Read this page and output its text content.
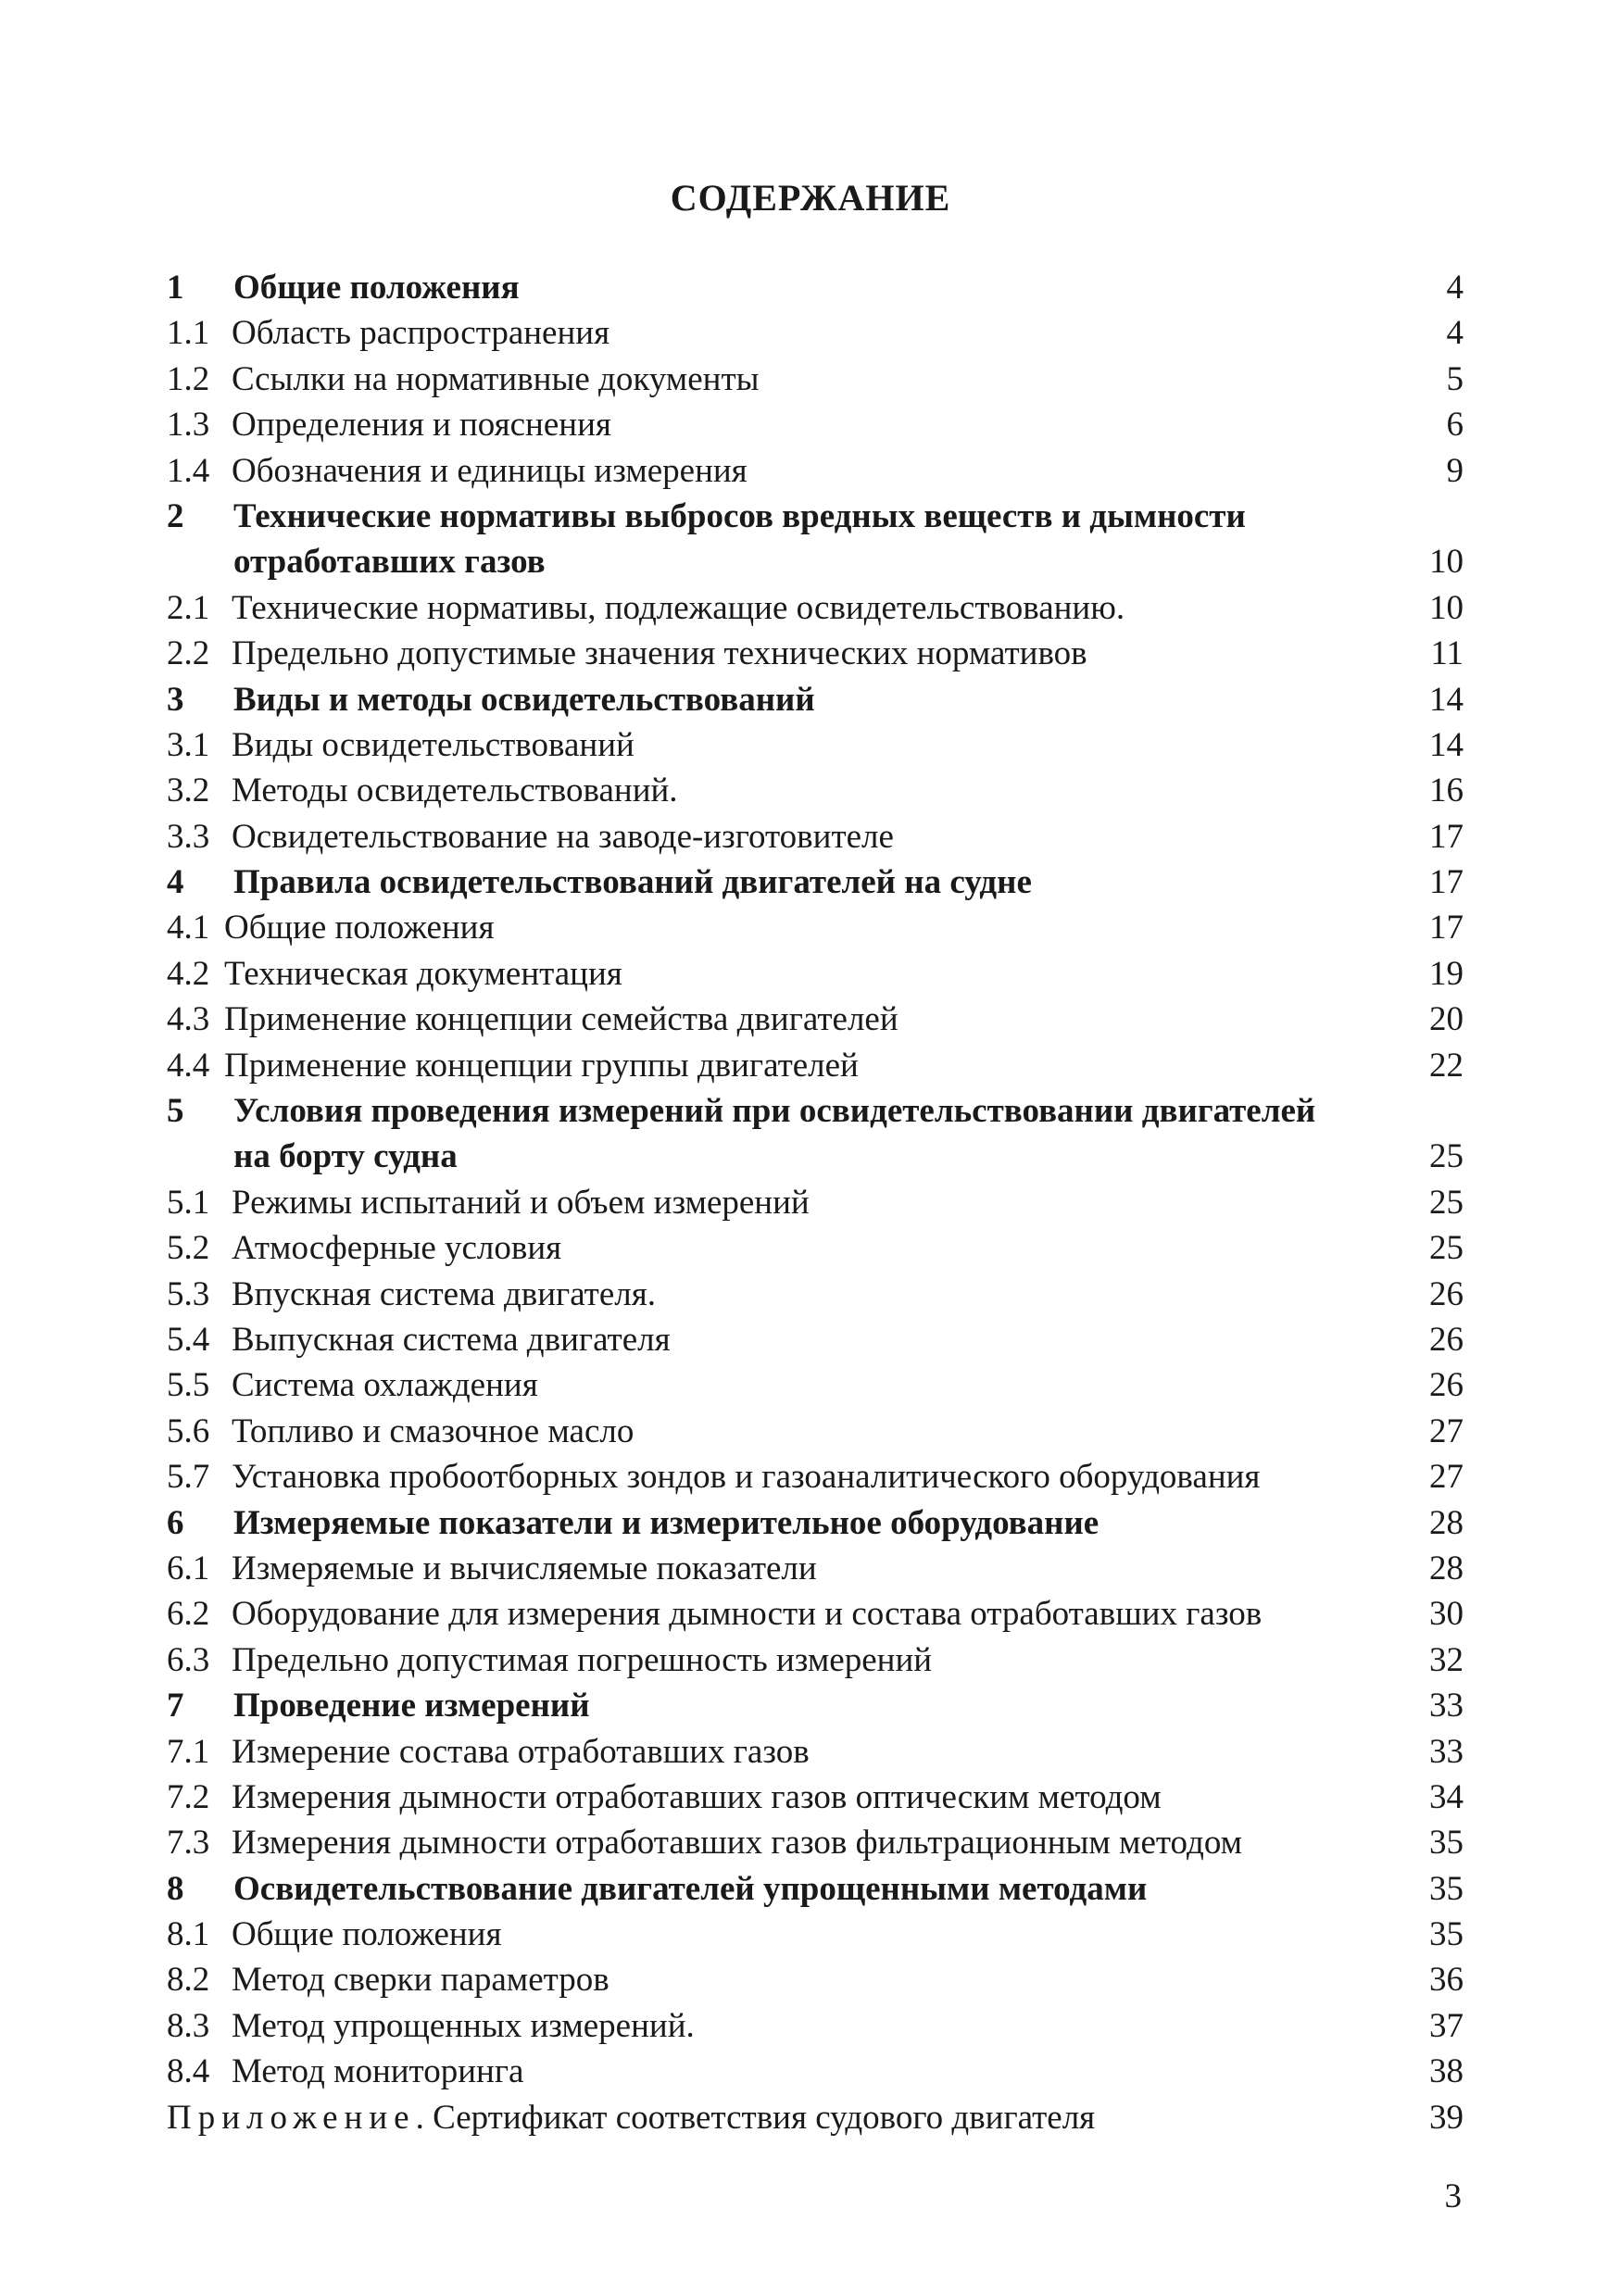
СОДЕРЖАНИЕ
1 Общие положения . . .	4
1.1 Область распространения . . .	4
1.2 Ссылки на нормативные документы . . .	5
1.3 Определения и пояснения . . .	6
1.4 Обозначения и единицы измерения . . .	9
2 Технические нормативы выбросов вредных веществ и дымности
отработавших газов . . .	10
2.1 Технические нормативы, подлежащие освидетельствованию. . . .	10
2.2 Предельно допустимые значения технических нормативов . . .	11
3 Виды и методы освидетельствований . . .	14
3.1 Виды освидетельствований . . .	14
3.2 Методы освидетельствований. . . .	16
3.3 Освидетельствование на заводе-изготовителе . . .	17
4 Правила освидетельствований двигателей на судне . . .	17
4.1 Общие положения . . .	17
4.2 Техническая документация . . .	19
4.3 Применение концепции семейства двигателей . . .	20
4.4 Применение концепции группы двигателей . . .	22
5 Условия проведения измерений при освидетельствовании двигателей
на борту судна . . .	25
5.1 Режимы испытаний и объем измерений . . .	25
5.2 Атмосферные условия . . .	25
5.3 Впускная система двигателя. . . .	26
5.4 Выпускная система двигателя . . .	26
5.5 Система охлаждения . . .	26
5.6 Топливо и смазочное масло . . .	27
5.7 Установка пробоотборных зондов и газоаналитического оборудования	27
6 Измеряемые показатели и измерительное оборудование . . .	28
6.1 Измеряемые и вычисляемые показатели . . .	28
6.2 Оборудование для измерения дымности и состава отработавших газов	30
6.3 Предельно допустимая погрешность измерений . . .	32
7 Проведение измерений . . .	33
7.1 Измерение состава отработавших газов . . .	33
7.2 Измерения дымности отработавших газов оптическим методом . . .	34
7.3 Измерения дымности отработавших газов фильтрационным методом . . .	35
8 Освидетельствование двигателей упрощенными методами . . .	35
8.1 Общие положения . . .	35
8.2 Метод сверки параметров . . .	36
8.3 Метод упрощенных измерений. . . .	37
8.4 Метод мониторинга . . .	38
Приложение. Сертификат соответствия судового двигателя . . .	39
3
